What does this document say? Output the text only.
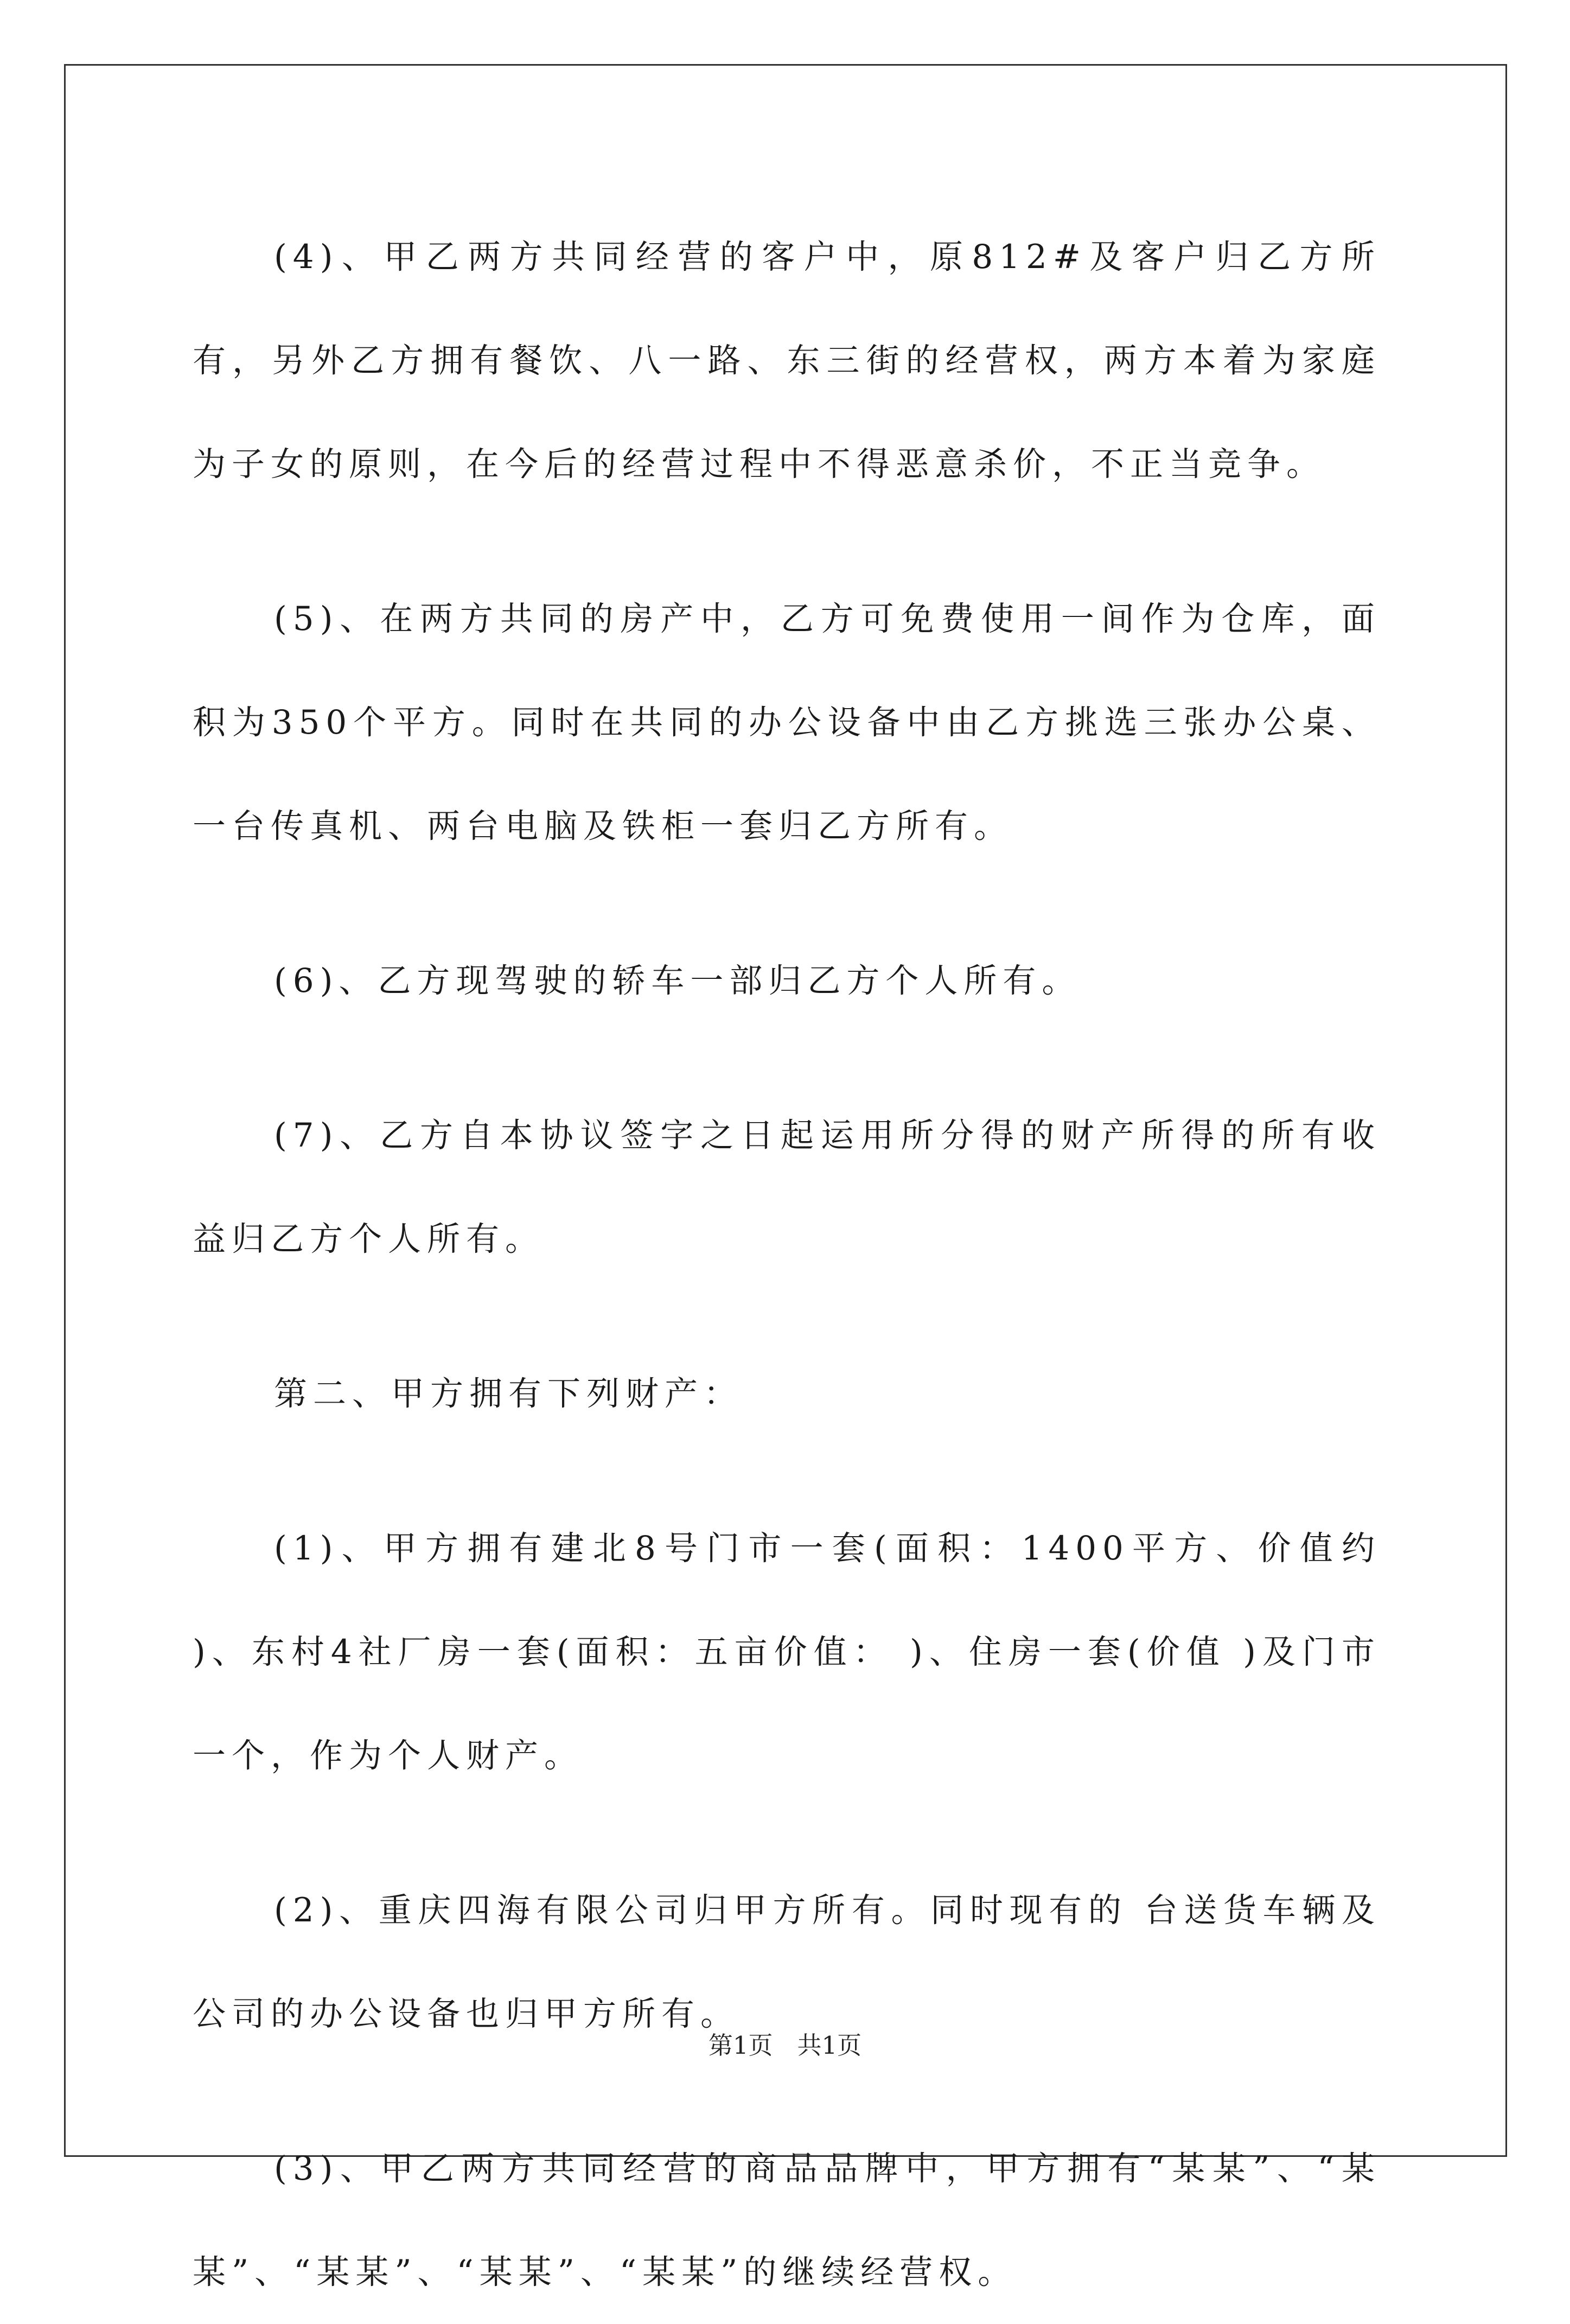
(4)、甲乙两方共同经营的客户中，原812#及客户归乙方所有，另外乙方拥有餐饮、八一路、东三街的经营权，两方本着为家庭为子女的原则，在今后的经营过程中不得恶意杀价，不正当竞争。

(5)、在两方共同的房产中，乙方可免费使用一间作为仓库，面积为350个平方。同时在共同的办公设备中由乙方挑选三张办公桌、一台传真机、两台电脑及铁柜一套归乙方所有。

(6)、乙方现驾驶的轿车一部归乙方个人所有。

(7)、乙方自本协议签字之日起运用所分得的财产所得的所有收益归乙方个人所有。

第二、甲方拥有下列财产：

(1)、甲方拥有建北8号门市一套(面积：1400平方、价值约 )、东村4社厂房一套(面积：五亩价值： )、住房一套(价值 )及门市一个，作为个人财产。

(2)、重庆四海有限公司归甲方所有。同时现有的 台送货车辆及公司的办公设备也归甲方所有。

(3)、甲乙两方共同经营的商品品牌中，甲方拥有“某某”、“某某”、“某某”、“某某”、“某某”的继续经营权。

第1页 共1页
